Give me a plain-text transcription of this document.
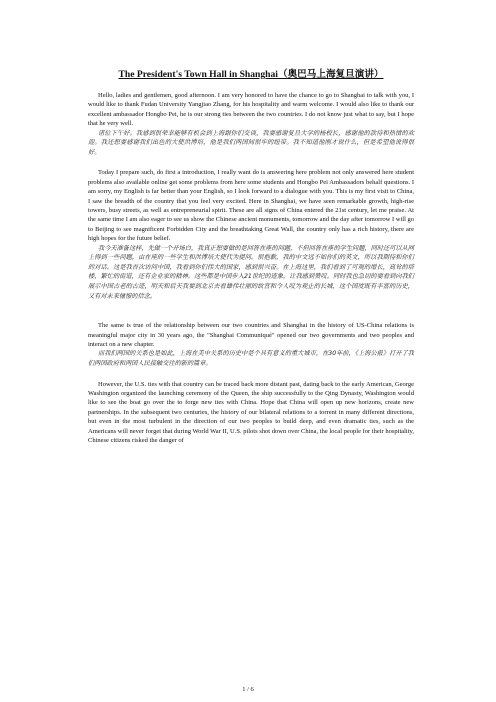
The President's Town Hall in Shanghai（奥巴马上海复旦演讲）

Hello, ladies and gentlemen, good afternoon. I am very honored to have the chance to go to Shanghai to talk with you, I would like to thank Fudan University Yangjiao Zhang, for his hospitality and warm welcome. I would also like to thank our excellent ambassador Hongbo Pei, he is our strong ties between the two countries. I do not know just what to say, but I hope that he very well.

诸位下午好。我感到很荣幸能够有机会到上海跟你们交谈，我要感谢复旦大学的杨校长，感谢他的款待和热情的欢迎。我还想要感谢我们出色的大使洪博培，他是我们两国间很牢的纽带。我不知道他刚才说什么，但是希望他说得很好。

Today I prepare such, do first a introduction, I really want do is answering here problem not only answered here student problems also available online get some problems from here some students and Hongbo Pei Ambassadors behalf questions. I am sorry, my English is far better than your English, so I look forward to a dialogue with you. This is my first visit to China, I saw the breadth of the country that you feel very excited. Here in Shanghai, we have seen remarkable growth, high-rise towers, busy streets, as well as entrepreneurial spirit. These are all signs of China entered the 21st century, let me praise. At the same time I am also eager to see us show the Chinese ancient monuments, tomorrow and the day after tomorrow I will go to Beijing to see magnificent Forbidden City and the breathtaking Great Wall, the country only has a rich history, there are high hopes for the future belief.

我今天准备这样，先做一个开场白，我真正想要做的是回答在座的问题，不但回答在座的学生问题，同时还可以从网上得到一些问题，由在座的一些学生和洪博培大使代为提问。很抱歉，我的中文远不如你们的英文，所以我期待和你们的对话。这是我首次访问中国，我看到你们伟大的国家，感到很兴奋。在上海这里，我们看到了可观的增长，高耸的塔楼，繁忙的街道，还有企业家的精神。这些都是中国步入21世纪的迹象，让我感到赞叹。同时我也急切的要看到向我们展示中国古老的古迹，明天和后天我要到北京去看雄伟壮丽的故宫和令人叹为观止的长城，这个国度既有丰富的历史，又有对未来憧憬的信念。

The same is true of the relationship between our two countries and Shanghai in the history of US-China relations is meaningful major city in 30 years ago, the "Shanghai Communiqué" opened our two governments and two peoples and interact on a new chapter.

而我们两国的关系也是如此，上海在美中关系的历史中是个具有意义的重大城市，在30年前，《上海公报》打开了我们两国政府和两国人民接触交往的新的篇章。

However, the U.S. ties with that country can be traced back more distant past, dating back to the early American, George Washington organized the launching ceremony of the Queen, the ship successfully to the Qing Dynasty, Washington would like to see the boat go over the to forge new ties with China. Hope that China will open up new horizons, create new partnerships. In the subsequent two centuries, the history of our bilateral relations to a torrent in many different directions, but even in the most turbulent in the direction of our two peoples to build deep, and even dramatic ties, such as the Americans will never forget that during World War II, U.S. pilots shot down over China, the local people for their hospitality, Chinese citizens risked the danger of

1 / 6
